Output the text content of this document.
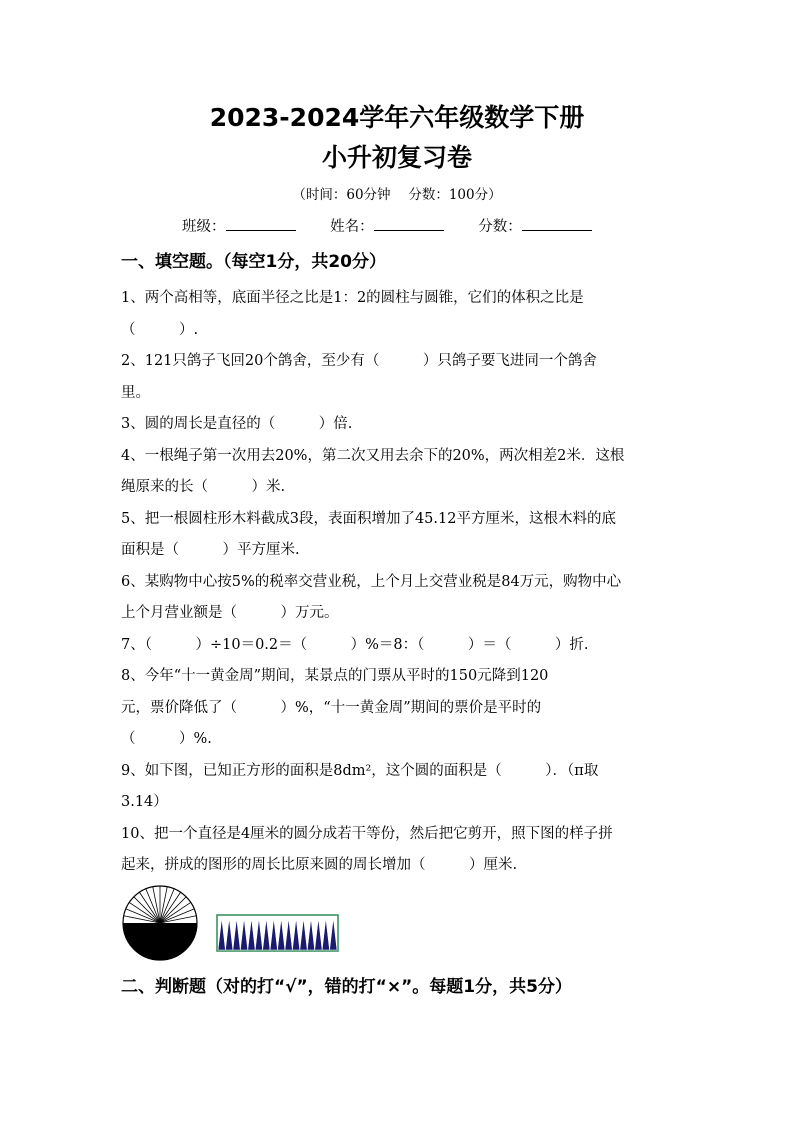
2023-2024学年六年级数学下册
小升初复习卷
（时间：60分钟　 分数：100分）
班级：	姓名：	分数：
一、填空题。（每空1分，共20分）
1、两个高相等，底面半径之比是1：2的圆柱与圆锥，它们的体积之比是
（　　　）.
2、121只鸽子飞回20个鸽舍，至少有（　　　）只鸽子要飞进同一个鸽舍
里。
3、圆的周长是直径的（　　　）倍.
4、一根绳子第一次用去20%，第二次又用去余下的20%，两次相差2米．这根
绳原来的长（　　　）米.
5、把一根圆柱形木料截成3段，表面积增加了45.12平方厘米，这根木料的底
面积是（　　　）平方厘米.
6、某购物中心按5%的税率交营业税，上个月上交营业税是84万元，购物中心
上个月营业额是（　　　）万元。
7、（　　　）÷10＝0.2＝（　　　）%＝8：（　　　）＝（　　　）折.
8、今年“十一黄金周”期间，某景点的门票从平时的150元降到120
元，票价降低了（　　　）%，“十一黄金周”期间的票价是平时的
（　　　）%.
9、如下图，已知正方形的面积是8dm²，这个圆的面积是（　　　）．（π取
3.14）
10、把一个直径是4厘米的圆分成若干等份，然后把它剪开，照下图的样子拼
起来，拼成的图形的周长比原来圆的周长增加（　　　）厘米.
二、判断题（对的打“√”，错的打“×”。每题1分，共5分）
